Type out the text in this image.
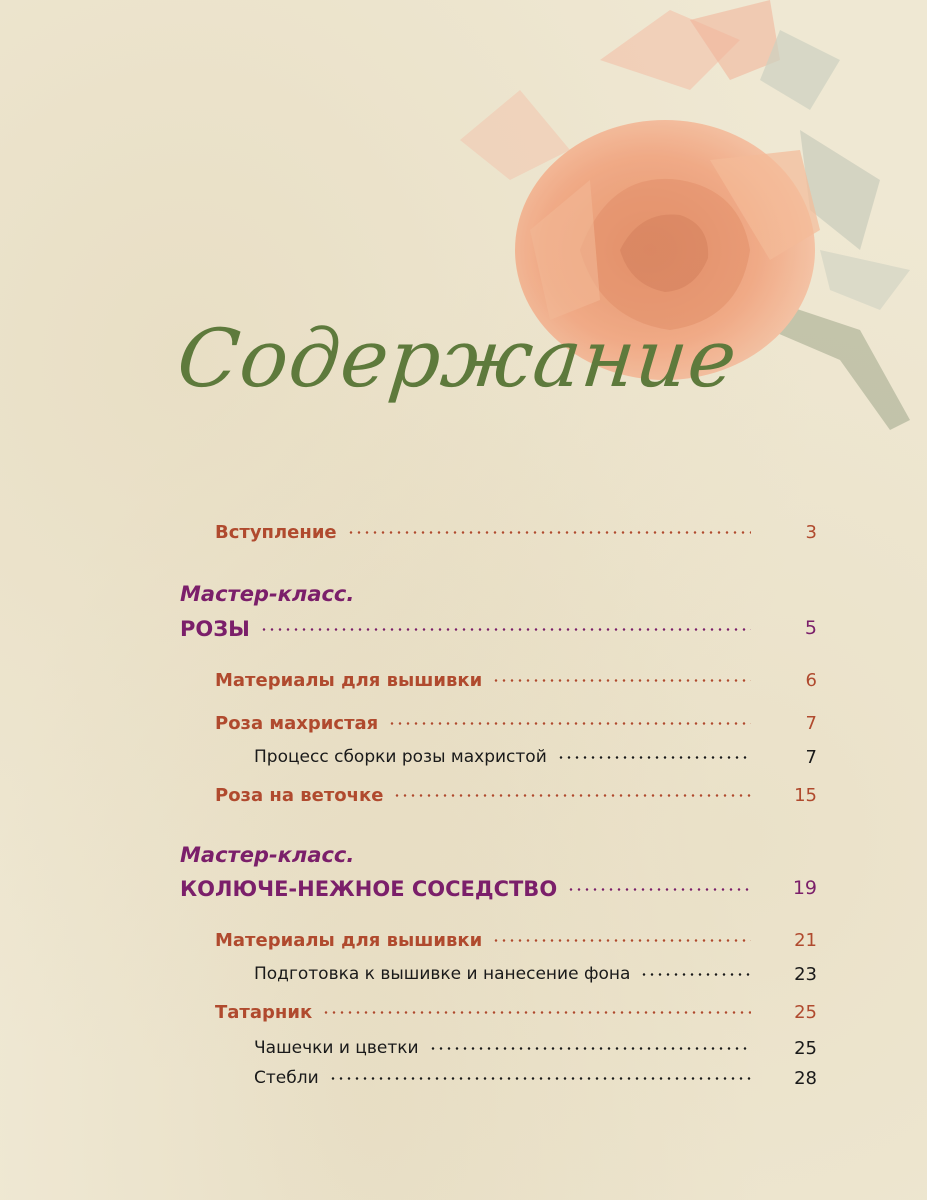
Содержание
Вступление	3
Мастер-класс.
РОЗЫ	5
Материалы для вышивки	6
Роза махристая	7
Процесс сборки розы махристой	7
Роза на веточке	15
Мастер-класс.
КОЛЮЧЕ-НЕЖНОЕ СОСЕДСТВО	19
Материалы для вышивки	21
Подготовка к вышивке и нанесение фона	23
Татарник	25
Чашечки и цветки	25
Стебли	28
